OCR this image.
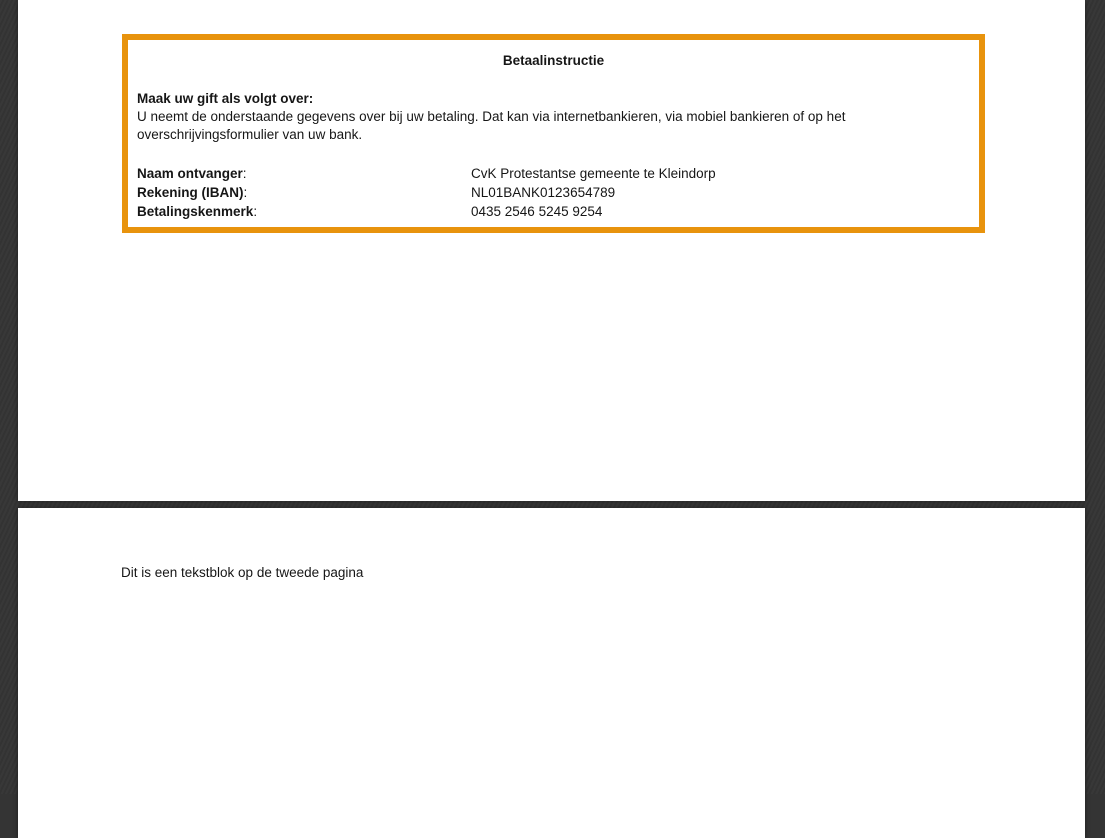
Betaalinstructie
Maak uw gift als volgt over:
U neemt de onderstaande gegevens over bij uw betaling. Dat kan via internetbankieren, via mobiel bankieren of op het overschrijvingsformulier van uw bank.
Naam ontvanger:	CvK Protestantse gemeente te Kleindorp
Rekening (IBAN):	NL01BANK0123654789
Betalingskenmerk:	0435 2546 5245 9254
Dit is een tekstblok op de tweede pagina
